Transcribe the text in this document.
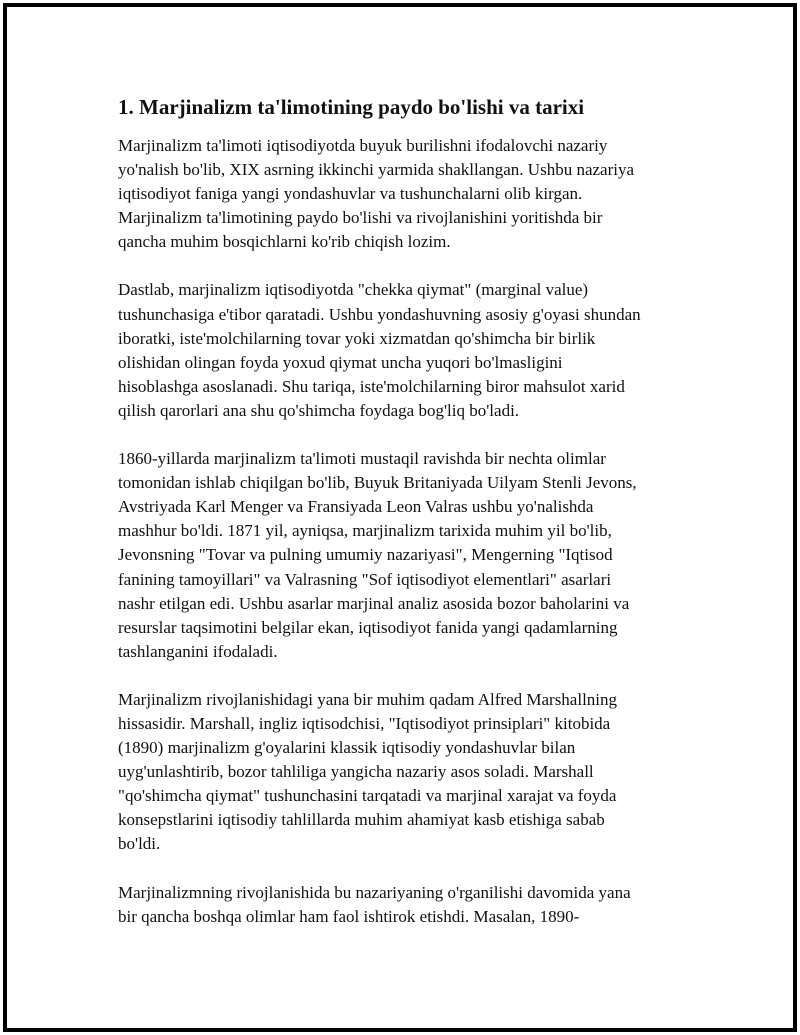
1. Marjinalizm ta'limotining paydo bo'lishi va tarixi

Marjinalizm ta'limoti iqtisodiyotda buyuk burilishni ifodalovchi nazariy
yo'nalish bo'lib, XIX asrning ikkinchi yarmida shakllangan. Ushbu nazariya
iqtisodiyot faniga yangi yondashuvlar va tushunchalarni olib kirgan.
Marjinalizm ta'limotining paydo bo'lishi va rivojlanishini yoritishda bir
qancha muhim bosqichlarni ko'rib chiqish lozim.

Dastlab, marjinalizm iqtisodiyotda "chekka qiymat" (marginal value)
tushunchasiga e'tibor qaratadi. Ushbu yondashuvning asosiy g'oyasi shundan
iboratki, iste'molchilarning tovar yoki xizmatdan qo'shimcha bir birlik
olishidan olingan foyda yoxud qiymat uncha yuqori bo'lmasligini
hisoblashga asoslanadi. Shu tariqa, iste'molchilarning biror mahsulot xarid
qilish qarorlari ana shu qo'shimcha foydaga bog'liq bo'ladi.

1860-yillarda marjinalizm ta'limoti mustaqil ravishda bir nechta olimlar
tomonidan ishlab chiqilgan bo'lib, Buyuk Britaniyada Uilyam Stenli Jevons,
Avstriyada Karl Menger va Fransiyada Leon Valras ushbu yo'nalishda
mashhur bo'ldi. 1871 yil, ayniqsa, marjinalizm tarixida muhim yil bo'lib,
Jevonsning "Tovar va pulning umumiy nazariyasi", Mengerning "Iqtisod
fanining tamoyillari" va Valrasning "Sof iqtisodiyot elementlari" asarlari
nashr etilgan edi. Ushbu asarlar marjinal analiz asosida bozor baholarini va
resurslar taqsimotini belgilar ekan, iqtisodiyot fanida yangi qadamlarning
tashlanganini ifodaladi.

Marjinalizm rivojlanishidagi yana bir muhim qadam Alfred Marshallning
hissasidir. Marshall, ingliz iqtisodchisi, "Iqtisodiyot prinsiplari" kitobida
(1890) marjinalizm g'oyalarini klassik iqtisodiy yondashuvlar bilan
uyg'unlashtirib, bozor tahliliga yangicha nazariy asos soladi. Marshall
"qo'shimcha qiymat" tushunchasini tarqatadi va marjinal xarajat va foyda
konsepstlarini iqtisodiy tahlillarda muhim ahamiyat kasb etishiga sabab
bo'ldi.

Marjinalizmning rivojlanishida bu nazariyaning o'rganilishi davomida yana
bir qancha boshqa olimlar ham faol ishtirok etishdi. Masalan, 1890-
